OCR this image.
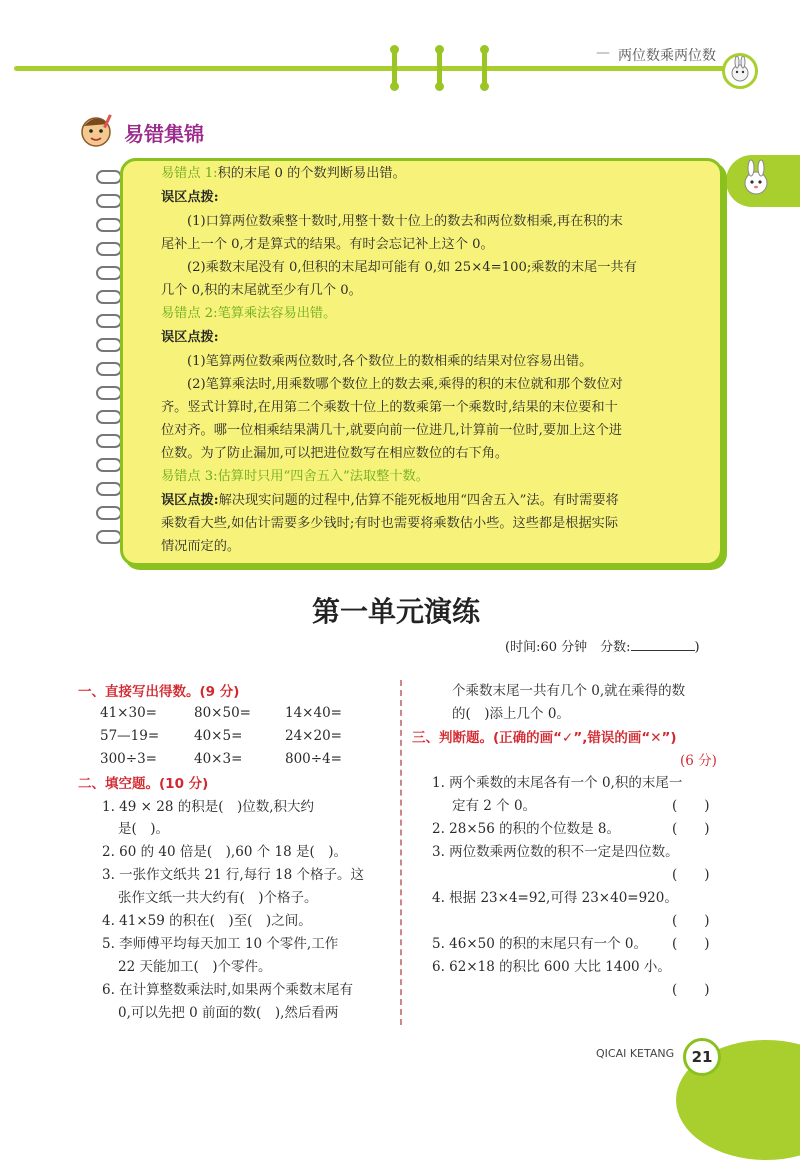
— 两位数乘两位数
易错集锦

易错点 1:积的末尾 0 的个数判断易出错。

误区点拨:

(1)口算两位数乘整十数时,用整十数十位上的数去和两位数相乘,再在积的末

尾补上一个 0,才是算式的结果。有时会忘记补上这个 0。

(2)乘数末尾没有 0,但积的末尾却可能有 0,如 25×4=100;乘数的末尾一共有

几个 0,积的末尾就至少有几个 0。

易错点 2:笔算乘法容易出错。

误区点拨:

(1)笔算两位数乘两位数时,各个数位上的数相乘的结果对位容易出错。

(2)笔算乘法时,用乘数哪个数位上的数去乘,乘得的积的末位就和那个数位对

齐。竖式计算时,在用第二个乘数十位上的数乘第一个乘数时,结果的末位要和十

位对齐。哪一位相乘结果满几十,就要向前一位进几,计算前一位时,要加上这个进

位数。为了防止漏加,可以把进位数写在相应数位的右下角。

易错点 3:估算时只用“四舍五入”法取整十数。

误区点拨:解决现实问题的过程中,估算不能死板地用“四舍五入”法。有时需要将

乘数看大些,如估计需要多少钱时;有时也需要将乘数估小些。这些都是根据实际

情况而定的。

第一单元演练
(时间:60 分钟　分数:	)
一、直接写出得数。(9 分)
41×30=	80×50=	14×40=
57—19=	40×5=	24×20=
300÷3=	40×3=	800÷4=
二、填空题。(10 分)
1. 49 × 28 的积是(　)位数,积大约
是(　)。
2. 60 的 40 倍是(　),60 个 18 是(　)。
3. 一张作文纸共 21 行,每行 18 个格子。这
张作文纸一共大约有(　)个格子。
4. 41×59 的积在(　)至(　)之间。
5. 李师傅平均每天加工 10 个零件,工作
22 天能加工(　)个零件。
6. 在计算整数乘法时,如果两个乘数末尾有
0,可以先把 0 前面的数(　),然后看两
个乘数末尾一共有几个 0,就在乘得的数
的(　)添上几个 0。
三、判断题。(正确的画“✓”,错误的画“✕”)
(6 分)
1. 两个乘数的末尾各有一个 0,积的末尾一
定有 2 个 0。	(　　)
2. 28×56 的积的个位数是 8。	(　　)
3. 两位数乘两位数的积不一定是四位数。
(　　)
4. 根据 23×4=92,可得 23×40=920。
(　　)
5. 46×50 的积的末尾只有一个 0。 (　　)
6. 62×18 的积比 600 大比 1400 小。
(　　)
QICAI KETANG	21
